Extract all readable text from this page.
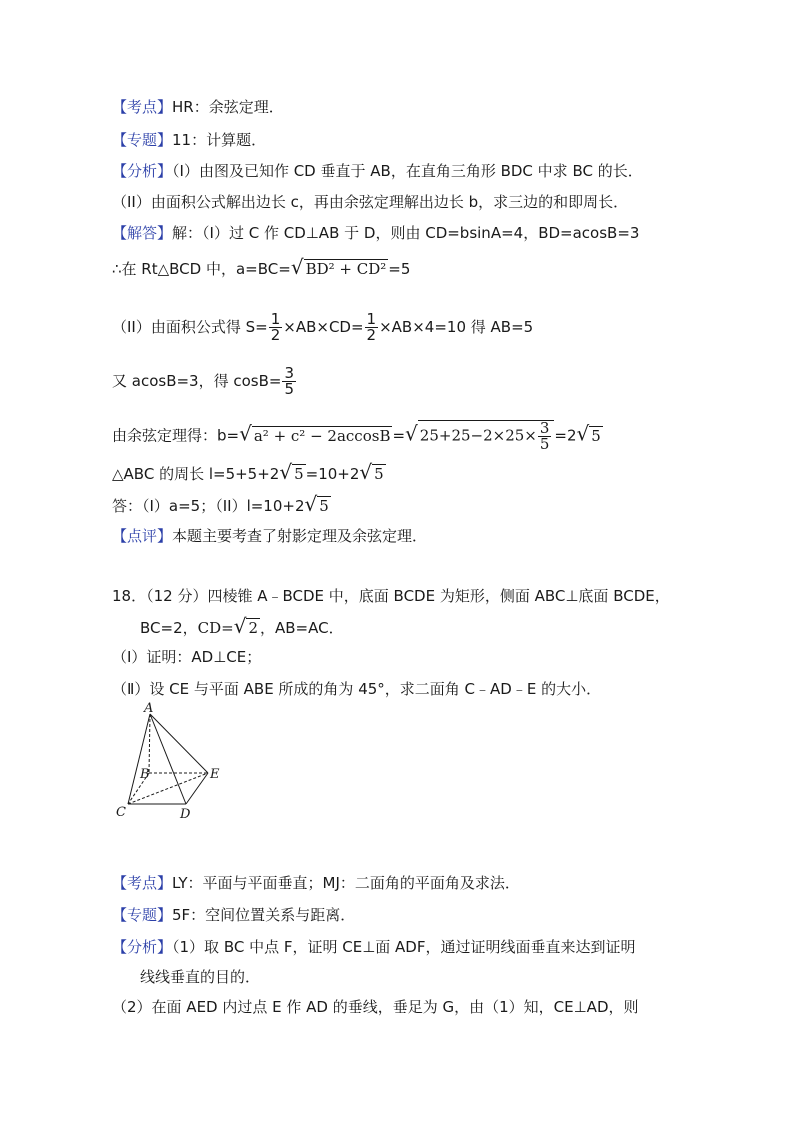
【考点】HR：余弦定理．
【专题】11：计算题．
【分析】（I）由图及已知作 CD 垂直于 AB，在直角三角形 BDC 中求 BC 的长．
（II）由面积公式解出边长 c，再由余弦定理解出边长 b，求三边的和即周长．
【解答】解：（I）过 C 作 CD⊥AB 于 D，则由 CD=bsinA=4，BD=acosB=3
∴在 Rt△BCD 中，a=BC=√ BD² + CD² =5
（II）由面积公式得 $S= \frac{1}{2} \times AB\times CD= \frac{1}{2} \times AB\times 4=10$ 得 AB=5
又 acosB=3，得 $\cos B= \frac{3}{5}$
由余弦定理得：b=√ a² + c² − 2accosB =√ $25+25-2\times 25\times \frac{3}{5} =2√$ 5
△ABC 的周长 l=5+5+2√ 5 =10+2√ 5
答：（I）a=5；（II）l=10+2√ 5
【点评】本题主要考查了射影定理及余弦定理．
18．（12 分）四棱锥 A﹣BCDE 中，底面 BCDE 为矩形，侧面 ABC⊥底面 BCDE，
BC=2，CD=√ 2 ，AB=AC．
（Ⅰ）证明：AD⊥CE；
（Ⅱ）设 CE 与平面 ABE 所成的角为 45°，求二面角 C﹣AD﹣E 的大小．
A
B
C	D
E
【考点】LY：平面与平面垂直；MJ：二面角的平面角及求法．
【专题】5F：空间位置关系与距离．
【分析】（1）取 BC 中点 F，证明 CE⊥面 ADF，通过证明线面垂直来达到证明
线线垂直的目的．
（2）在面 AED 内过点 E 作 AD 的垂线，垂足为 G，由（1）知，CE⊥AD，则
